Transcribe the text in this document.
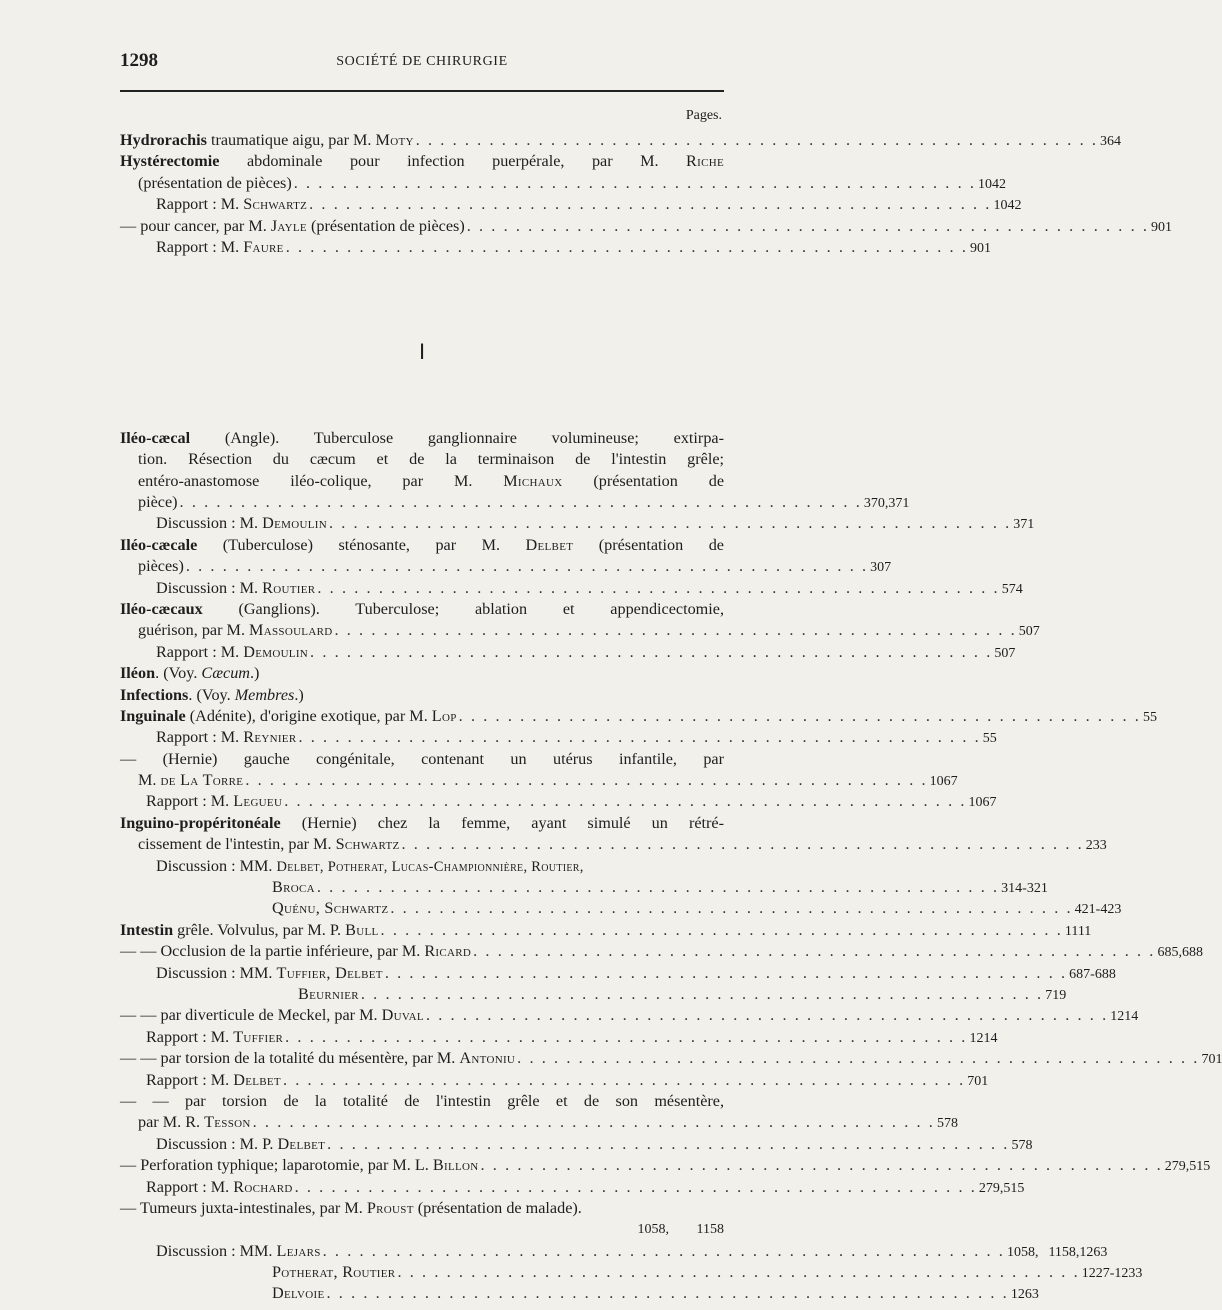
1298	SOCIÉTÉ DE CHIRURGIE
Pages.
Hydrorachis traumatique aigu, par M. Moty . . . . . . . . . . . . . . . . . . . . . . . . . . . . . . . . . . . . . . . . . . . . . . . . . . . . . . . . 364
Hystérectomie abdominale pour infection puerpérale, par M. Riche
(présentation de pièces) . . . . . . . . . . . . . . . . . . . . . . . . . . . . . . . . . . . . . . . . . . . . . . . . . . . . . . . . 1042
Rapport : M. Schwartz . . . . . . . . . . . . . . . . . . . . . . . . . . . . . . . . . . . . . . . . . . . . . . . . . . . . . . . . 1042
— pour cancer, par M. Jayle (présentation de pièces) . . . . . . . . . . . . . . . . . . . . . . . . . . . . . . . . . . . . . . . . . . . . . . . . . . . . . . . . 901
Rapport : M. Faure . . . . . . . . . . . . . . . . . . . . . . . . . . . . . . . . . . . . . . . . . . . . . . . . . . . . . . . . 901
I
Iléo-cæcal (Angle). Tuberculose ganglionnaire volumineuse; extirpa-
tion. Résection du cæcum et de la terminaison de l'intestin grêle;
entéro-anastomose iléo-colique, par M. Michaux (présentation de
pièce) . . . . . . . . . . . . . . . . . . . . . . . . . . . . . . . . . . . . . . . . . . . . . . . . . . . . . . . . 370, 371
Discussion : M. Demoulin . . . . . . . . . . . . . . . . . . . . . . . . . . . . . . . . . . . . . . . . . . . . . . . . . . . . . . . . 371
Iléo-cæcale (Tuberculose) sténosante, par M. Delbet (présentation de
pièces) . . . . . . . . . . . . . . . . . . . . . . . . . . . . . . . . . . . . . . . . . . . . . . . . . . . . . . . . 307
Discussion : M. Routier . . . . . . . . . . . . . . . . . . . . . . . . . . . . . . . . . . . . . . . . . . . . . . . . . . . . . . . . 574
Iléo-cæcaux (Ganglions). Tuberculose; ablation et appendicectomie,
guérison, par M. Massoulard . . . . . . . . . . . . . . . . . . . . . . . . . . . . . . . . . . . . . . . . . . . . . . . . . . . . . . . . 507
Rapport : M. Demoulin . . . . . . . . . . . . . . . . . . . . . . . . . . . . . . . . . . . . . . . . . . . . . . . . . . . . . . . . 507
Iléon. (Voy. Cæcum.)
Infections. (Voy. Membres.)
Inguinale (Adénite), d'origine exotique, par M. Lop . . . . . . . . . . . . . . . . . . . . . . . . . . . . . . . . . . . . . . . . . . . . . . . . . . . . . . . . 55
Rapport : M. Reynier . . . . . . . . . . . . . . . . . . . . . . . . . . . . . . . . . . . . . . . . . . . . . . . . . . . . . . . . 55
— (Hernie) gauche congénitale, contenant un utérus infantile, par
M. de La Torre . . . . . . . . . . . . . . . . . . . . . . . . . . . . . . . . . . . . . . . . . . . . . . . . . . . . . . . . 1067
Rapport : M. Legueu . . . . . . . . . . . . . . . . . . . . . . . . . . . . . . . . . . . . . . . . . . . . . . . . . . . . . . . . 1067
Inguino-propéritonéale (Hernie) chez la femme, ayant simulé un rétré-
cissement de l'intestin, par M. Schwartz . . . . . . . . . . . . . . . . . . . . . . . . . . . . . . . . . . . . . . . . . . . . . . . . . . . . . . . . 233
Discussion : MM. Delbet, Potherat, Lucas-Championnière, Routier,
Broca . . . . . . . . . . . . . . . . . . . . . . . . . . . . . . . . . . . . . . . . . . . . . . . . . . . . . . . . 314- 321
Quénu, Schwartz . . . . . . . . . . . . . . . . . . . . . . . . . . . . . . . . . . . . . . . . . . . . . . . . . . . . . . . . 421- 423
Intestin grêle. Volvulus, par M. P. Bull . . . . . . . . . . . . . . . . . . . . . . . . . . . . . . . . . . . . . . . . . . . . . . . . . . . . . . . . 1111
— — Occlusion de la partie inférieure, par M. Ricard . . . . . . . . . . . . . . . . . . . . . . . . . . . . . . . . . . . . . . . . . . . . . . . . . . . . . . . . 685, 688
Discussion : MM. Tuffier, Delbet . . . . . . . . . . . . . . . . . . . . . . . . . . . . . . . . . . . . . . . . . . . . . . . . . . . . . . . . 687- 688
Beurnier . . . . . . . . . . . . . . . . . . . . . . . . . . . . . . . . . . . . . . . . . . . . . . . . . . . . . . . . 719
— — par diverticule de Meckel, par M. Duval . . . . . . . . . . . . . . . . . . . . . . . . . . . . . . . . . . . . . . . . . . . . . . . . . . . . . . . . 1214
Rapport : M. Tuffier . . . . . . . . . . . . . . . . . . . . . . . . . . . . . . . . . . . . . . . . . . . . . . . . . . . . . . . . 1214
— — par torsion de la totalité du mésentère, par M. Antoniu . . . . . . . . . . . . . . . . . . . . . . . . . . . . . . . . . . . . . . . . . . . . . . . . . . . . . . . . 701
Rapport : M. Delbet . . . . . . . . . . . . . . . . . . . . . . . . . . . . . . . . . . . . . . . . . . . . . . . . . . . . . . . . 701
— — par torsion de la totalité de l'intestin grêle et de son mésentère,
par M. R. Tesson . . . . . . . . . . . . . . . . . . . . . . . . . . . . . . . . . . . . . . . . . . . . . . . . . . . . . . . . 578
Discussion : M. P. Delbet . . . . . . . . . . . . . . . . . . . . . . . . . . . . . . . . . . . . . . . . . . . . . . . . . . . . . . . . 578
— Perforation typhique; laparotomie, par M. L. Billon . . . . . . . . . . . . . . . . . . . . . . . . . . . . . . . . . . . . . . . . . . . . . . . . . . . . . . . . 279, 515
Rapport : M. Rochard . . . . . . . . . . . . . . . . . . . . . . . . . . . . . . . . . . . . . . . . . . . . . . . . . . . . . . . . 279, 515
— Tumeurs juxta-intestinales, par M. Proust (présentation de malade).
1058,	1158
Discussion : MM. Lejars . . . . . . . . . . . . . . . . . . . . . . . . . . . . . . . . . . . . . . . . . . . . . . . . . . . . . . . . 1058, 1158, 1263
Potherat, Routier . . . . . . . . . . . . . . . . . . . . . . . . . . . . . . . . . . . . . . . . . . . . . . . . . . . . . . . . 1227- 1233
Delvoie . . . . . . . . . . . . . . . . . . . . . . . . . . . . . . . . . . . . . . . . . . . . . . . . . . . . . . . . 1263
